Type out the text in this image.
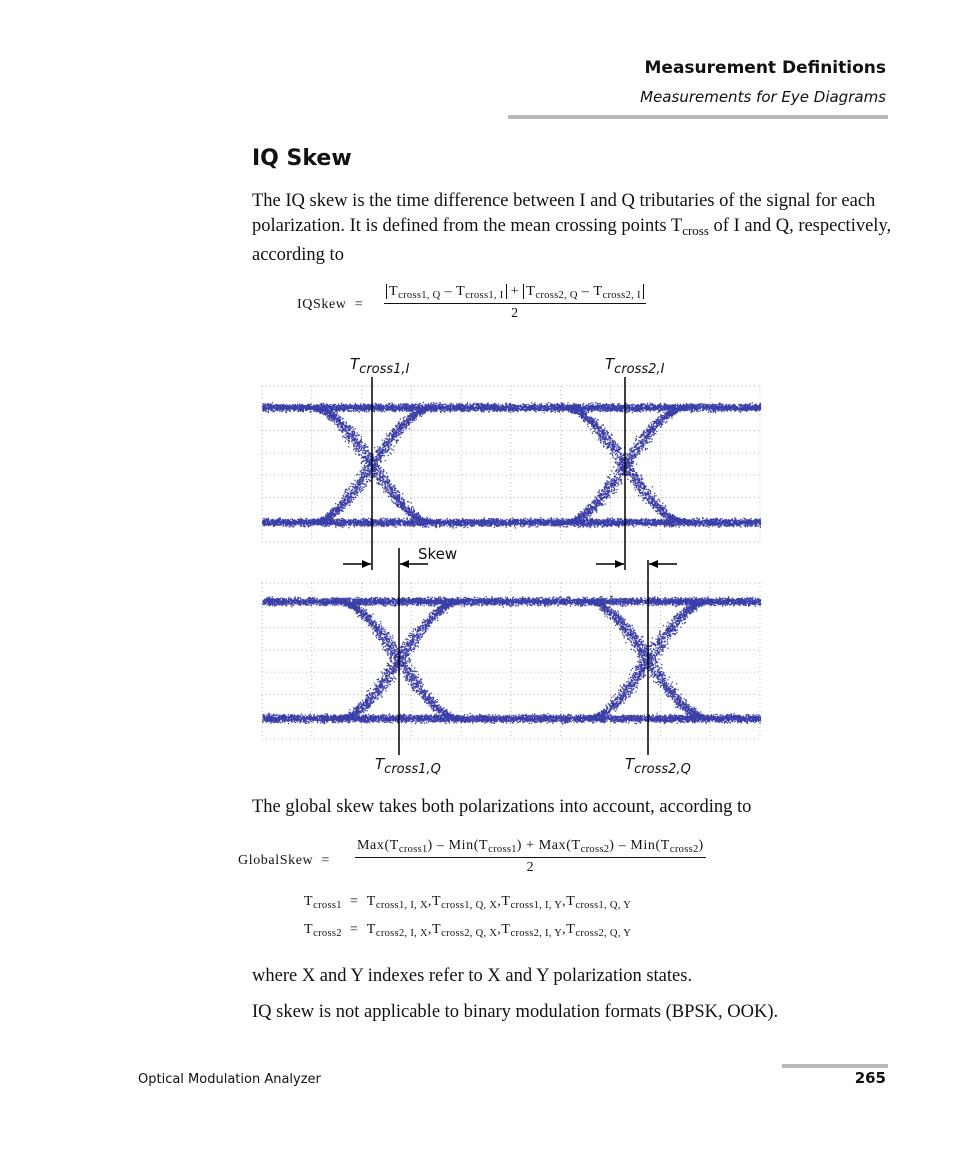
Measurement Definitions
Measurements for Eye Diagrams
IQ Skew

The IQ skew is the time difference between I and Q tributaries of the signal for each polarization. It is defined from the mean crossing points $T_{cross}$ of I and Q, respectively, according to

IQSkew =
$T_{cross1, Q} - T_{cross1, I} + T_{cross2, Q} - T_{cross2, I}$
2
$T_{cross1,I}$	$T_{cross2,I}$
Skew
$T_{cross1,Q}$	$T_{cross2,Q}$

The global skew takes both polarizations into account, according to

GlobalSkew =
$Max(T_{cross1}) - Min(T_{cross1}) + Max(T_{cross2}) - Min(T_{cross2})$
2
$T_{cross1} = T_{cross1, I, X},T_{cross1, Q, X},T_{cross1, I, Y},T_{cross1, Q, Y}$
$T_{cross2} = T_{cross2, I, X},T_{cross2, Q, X},T_{cross2, I, Y},T_{cross2, Q, Y}$

where X and Y indexes refer to X and Y polarization states.

IQ skew is not applicable to binary modulation formats (BPSK, OOK).

Optical Modulation Analyzer	265
